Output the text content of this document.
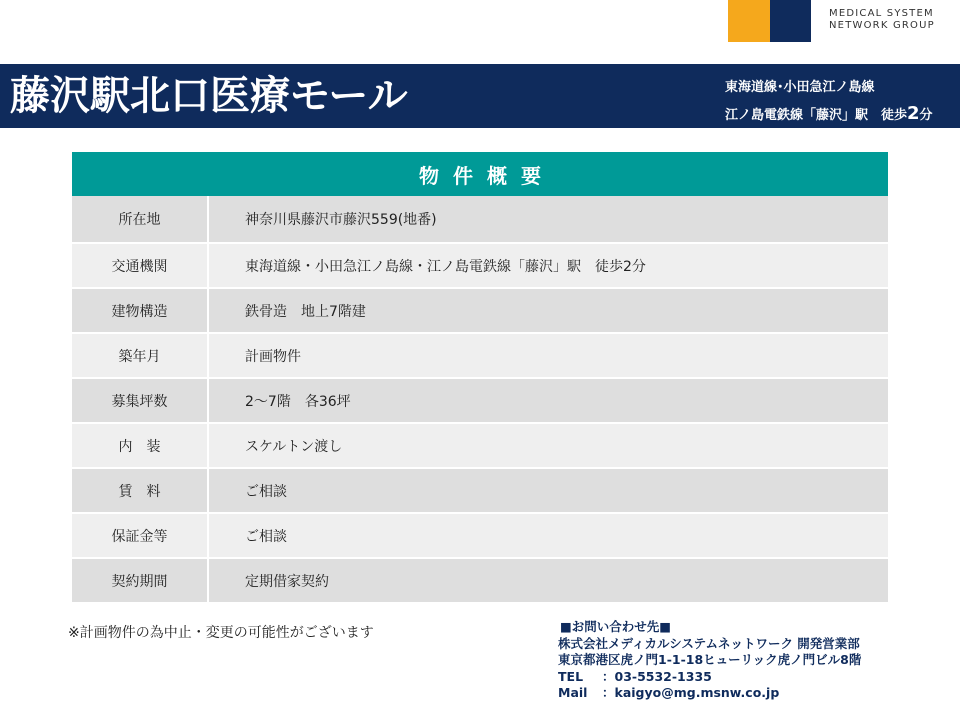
MEDICAL SYSTEM
NETWORK GROUP
藤沢駅北口医療モール	東海道線･小田急江ノ島線
江ノ島電鉄線「藤沢」駅　徒歩2分
物件概要
所在地	神奈川県藤沢市藤沢559(地番)
交通機関	東海道線・小田急江ノ島線・江ノ島電鉄線「藤沢」駅　徒歩2分
建物構造	鉄骨造　地上7階建
築年月	計画物件
募集坪数	2～7階　各36坪
内　装	スケルトン渡し
賃　料	ご相談
保証金等	ご相談
契約期間	定期借家契約
※計画物件の為中止・変更の可能性がございます	■お問い合わせ先■
株式会社メディカルシステムネットワーク 開発営業部
東京都港区虎ノ門1-1-18ヒューリック虎ノ門ビル8階
TEL ：03-5532-1335
Mail ：kaigyo@mg.msnw.co.jp
